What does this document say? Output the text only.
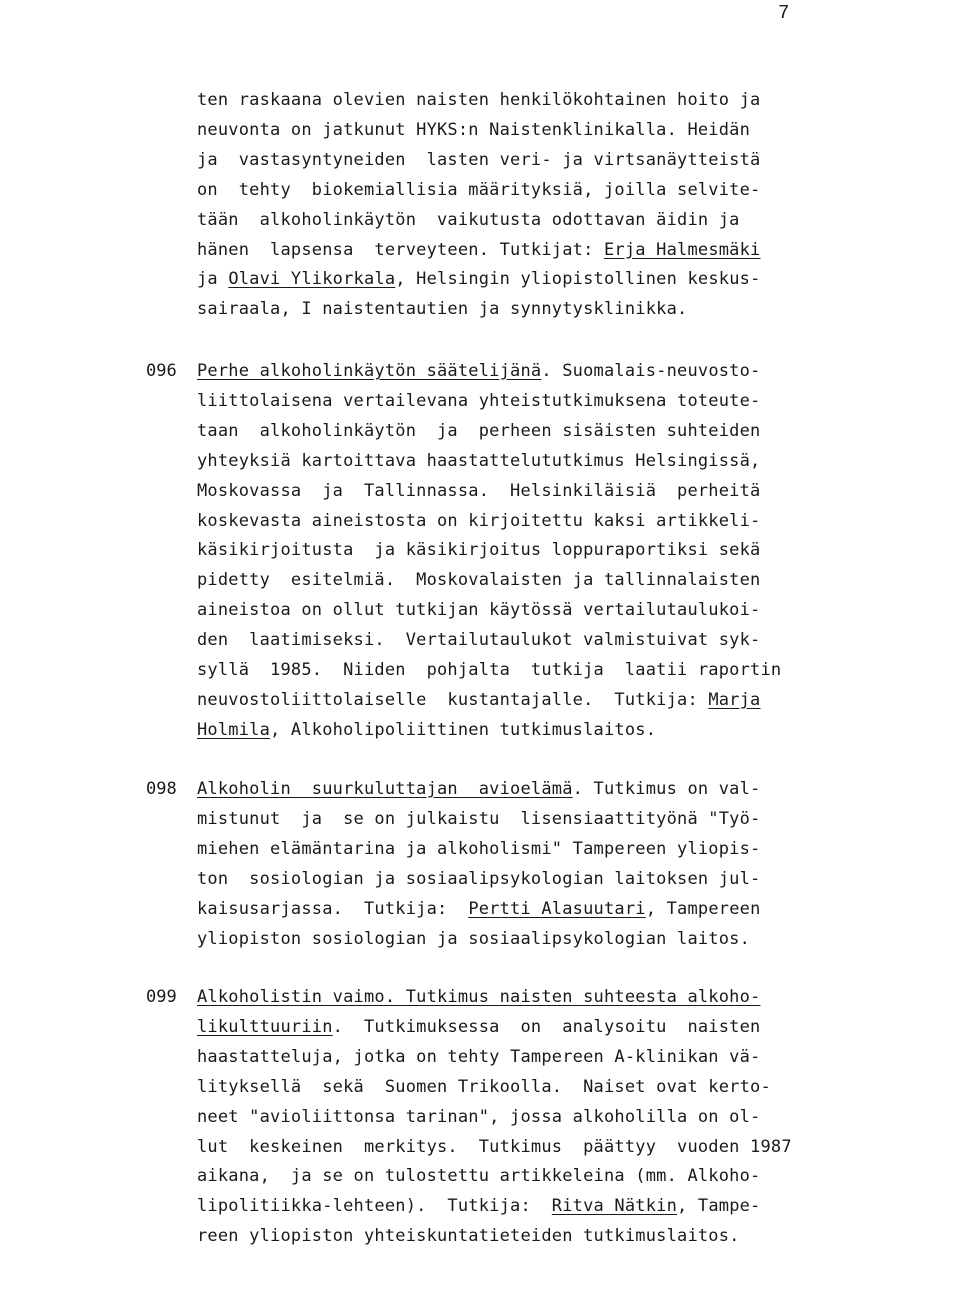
7
ten raskaana olevien naisten henkilökohtainen hoito ja
neuvonta on jatkunut HYKS:n Naistenklinikalla. Heidän
ja  vastasyntyneiden  lasten veri- ja virtsanäytteistä
on  tehty  biokemiallisia määrityksiä, joilla selvite-
tään  alkoholinkäytön  vaikutusta odottavan äidin ja
hänen  lapsensa  terveyteen. Tutkijat: Erja Halmesmäki
ja Olavi Ylikorkala, Helsingin yliopistollinen keskus-
sairaala, I naistentautien ja synnytysklinikka.
096 Perhe alkoholinkäytön säätelijänä. Suomalais-neuvosto-
liittolaisena vertailevana yhteistutkimuksena toteute-
taan  alkoholinkäytön  ja  perheen sisäisten suhteiden
yhteyksiä kartoittava haastattelututkimus Helsingissä,
Moskovassa  ja  Tallinnassa.  Helsinkiläisiä  perheitä
koskevasta aineistosta on kirjoitettu kaksi artikkeli-
käsikirjoitusta  ja käsikirjoitus loppuraportiksi sekä
pidetty  esitelmiä.  Moskovalaisten ja tallinnalaisten
aineistoa on ollut tutkijan käytössä vertailutaulukoi-
den  laatimiseksi.  Vertailutaulukot valmistuivat syk-
syllä  1985.  Niiden  pohjalta  tutkija  laatii raportin
neuvostoliittolaiselle  kustantajalle.  Tutkija: Marja
Holmila, Alkoholipoliittinen tutkimuslaitos.
098 Alkoholin  suurkuluttajan  avioelämä. Tutkimus on val-
mistunut  ja  se on julkaistu  lisensiaattityönä "Työ-
miehen elämäntarina ja alkoholismi" Tampereen yliopis-
ton  sosiologian ja sosiaalipsykologian laitoksen jul-
kaisusarjassa.  Tutkija:  Pertti Alasuutari, Tampereen
yliopiston sosiologian ja sosiaalipsykologian laitos.
099 Alkoholistin vaimo. Tutkimus naisten suhteesta alkoho-
likulttuuriin.  Tutkimuksessa  on  analysoitu  naisten
haastatteluja, jotka on tehty Tampereen A-klinikan vä-
lityksellä  sekä  Suomen Trikoolla.  Naiset ovat kerto-
neet "avioliittonsa tarinan", jossa alkoholilla on ol-
lut  keskeinen  merkitys.  Tutkimus  päättyy  vuoden 1987
aikana,  ja se on tulostettu artikkeleina (mm. Alkoho-
lipolitiikka-lehteen).  Tutkija:  Ritva Nätkin, Tampe-
reen yliopiston yhteiskuntatieteiden tutkimuslaitos.
